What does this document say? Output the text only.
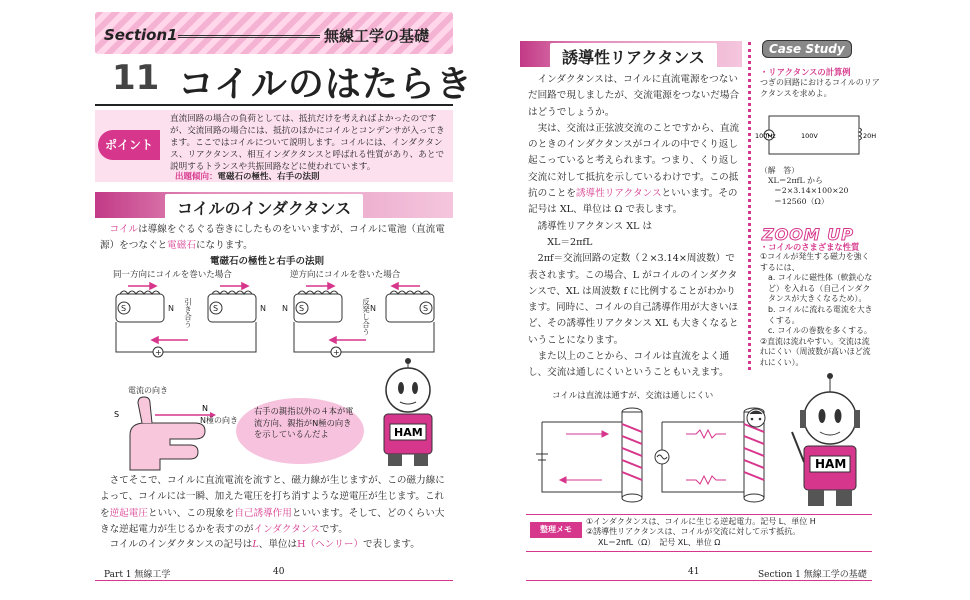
Section1	無線工学の基礎
11 コイルのはたらき
ポイント
直流回路の場合の負荷としては、抵抗だけを考えればよかったのですが、交流回路の場合には、抵抗のほかにコイルとコンデンサが入ってきます。ここではコイルについて説明します。コイルには、インダクタンス、リアクタンス、相互インダクタンスと呼ばれる性質があり、あとで説明するトランスや共振回路などに使われています。
出題傾向：電磁石の極性、右手の法則
コイルのインダクタンス
コイルは導線をぐるぐる巻きにしたものをいいますが、コイルに電池（直流電源）をつなぐと電磁石になります。
電磁石の極性と右手の法則
同一方向にコイルを巻いた場合	逆方向にコイルを巻いた場合
S	N	S	N	S
N	S
N
+	+
引き合う	反発し合う
S
N
電流の向き
N極の向き
右手の親指以外の４本が電流方向、親指がN極の向きを示しているんだよ	HAM
さてそこで、コイルに直流電流を流すと、磁力線が生じますが、この磁力線によって、コイルには一瞬、加えた電圧を打ち消すような逆電圧が生じます。これを逆起電圧といい、この現象を自己誘導作用といいます。そして、どのくらい大きな逆起電力が生じるかを表すのがインダクタンスです。
コイルのインダクタンスの記号はL、単位はH（ヘンリー）で表します。
Part 1 無線工学	40
誘導性リアクタンス

インダクタンスは、コイルに直流電源をつないだ回路で現しましたが、交流電源をつないだ場合はどうでしょうか。

実は、交流は正弦波交流のことですから、直流のときのインダクタンスがコイルの中でくり返し起こっていると考えられます。つまり、くり返し交流に対して抵抗を示しているわけです。この抵抗のことを誘導性リアクタンスといいます。その記号は XL、単位は Ω で表します。

誘導性リアクタンス XL は

XL＝2πfL

2πf＝交流回路の定数（２×3.14×周波数）で表されます。この場合、L がコイルのインダクタンスで、XL は周波数 f に比例することがわかります。同時に、コイルの自己誘導作用が大きいほど、その誘導性リアクタンス XL も大きくなるということになります。

また以上のことから、コイルは直流をよく通し、交流は通しにくいということもいえます。

Case Study
・リアクタンスの計算例
つぎの回路におけるコイルのリアクタンスを求めよ。
100Hz	100V	20H
（解　答）
XL＝2πfL から
＝2×3.14×100×20
＝12560（Ω）
ZOOM UP
・コイルのさまざまな性質
①コイルが発生する磁力を強くするには、
a. コイルに磁性体（軟鉄心など）を入れる（自己インダクタンスが大きくなるため）。
b. コイルに流れる電流を大きくする。
c. コイルの巻数を多くする。
②直流は流れやすい。交流は流れにくい（周波数が高いほど流れにくい）。
コイルは直流は通すが、交流は通しにくい
HAM
整理メモ
①インダクタンスは、コイルに生じる逆起電力。記号 L、単位 H
②誘導性リアクタンスは、コイルが交流に対して示す抵抗。
XL＝2πfL（Ω）　記号 XL、単位 Ω
41	Section 1 無線工学の基礎
